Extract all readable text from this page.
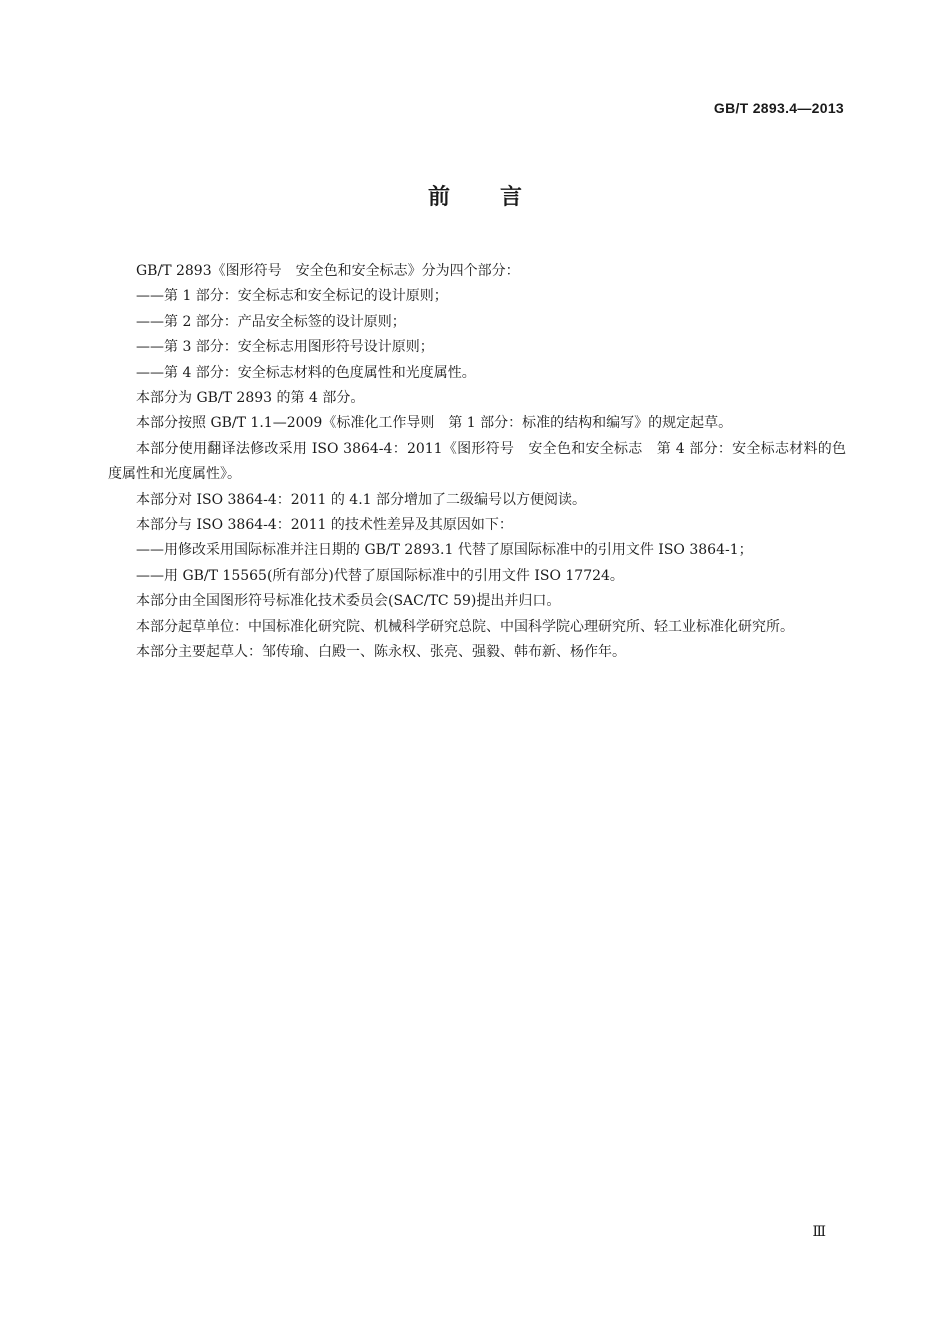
GB/T 2893.4—2013
前言

GB/T 2893《图形符号　安全色和安全标志》分为四个部分：

——第 1 部分：安全标志和安全标记的设计原则；

——第 2 部分：产品安全标签的设计原则；

——第 3 部分：安全标志用图形符号设计原则；

——第 4 部分：安全标志材料的色度属性和光度属性。

本部分为 GB/T 2893 的第 4 部分。

本部分按照 GB/T 1.1—2009《标准化工作导则　第 1 部分：标准的结构和编写》的规定起草。

本部分使用翻译法修改采用 ISO 3864-4：2011《图形符号　安全色和安全标志　第 4 部分：安全标志材料的色度属性和光度属性》。

本部分对 ISO 3864-4：2011 的 4.1 部分增加了二级编号以方便阅读。

本部分与 ISO 3864-4：2011 的技术性差异及其原因如下：

——用修改采用国际标准并注日期的 GB/T 2893.1 代替了原国际标准中的引用文件 ISO 3864-1；

——用 GB/T 15565(所有部分)代替了原国际标准中的引用文件 ISO 17724。

本部分由全国图形符号标准化技术委员会(SAC/TC 59)提出并归口。

本部分起草单位：中国标准化研究院、机械科学研究总院、中国科学院心理研究所、轻工业标准化研究所。

本部分主要起草人：邹传瑜、白殿一、陈永权、张亮、强毅、韩布新、杨作年。

Ⅲ
